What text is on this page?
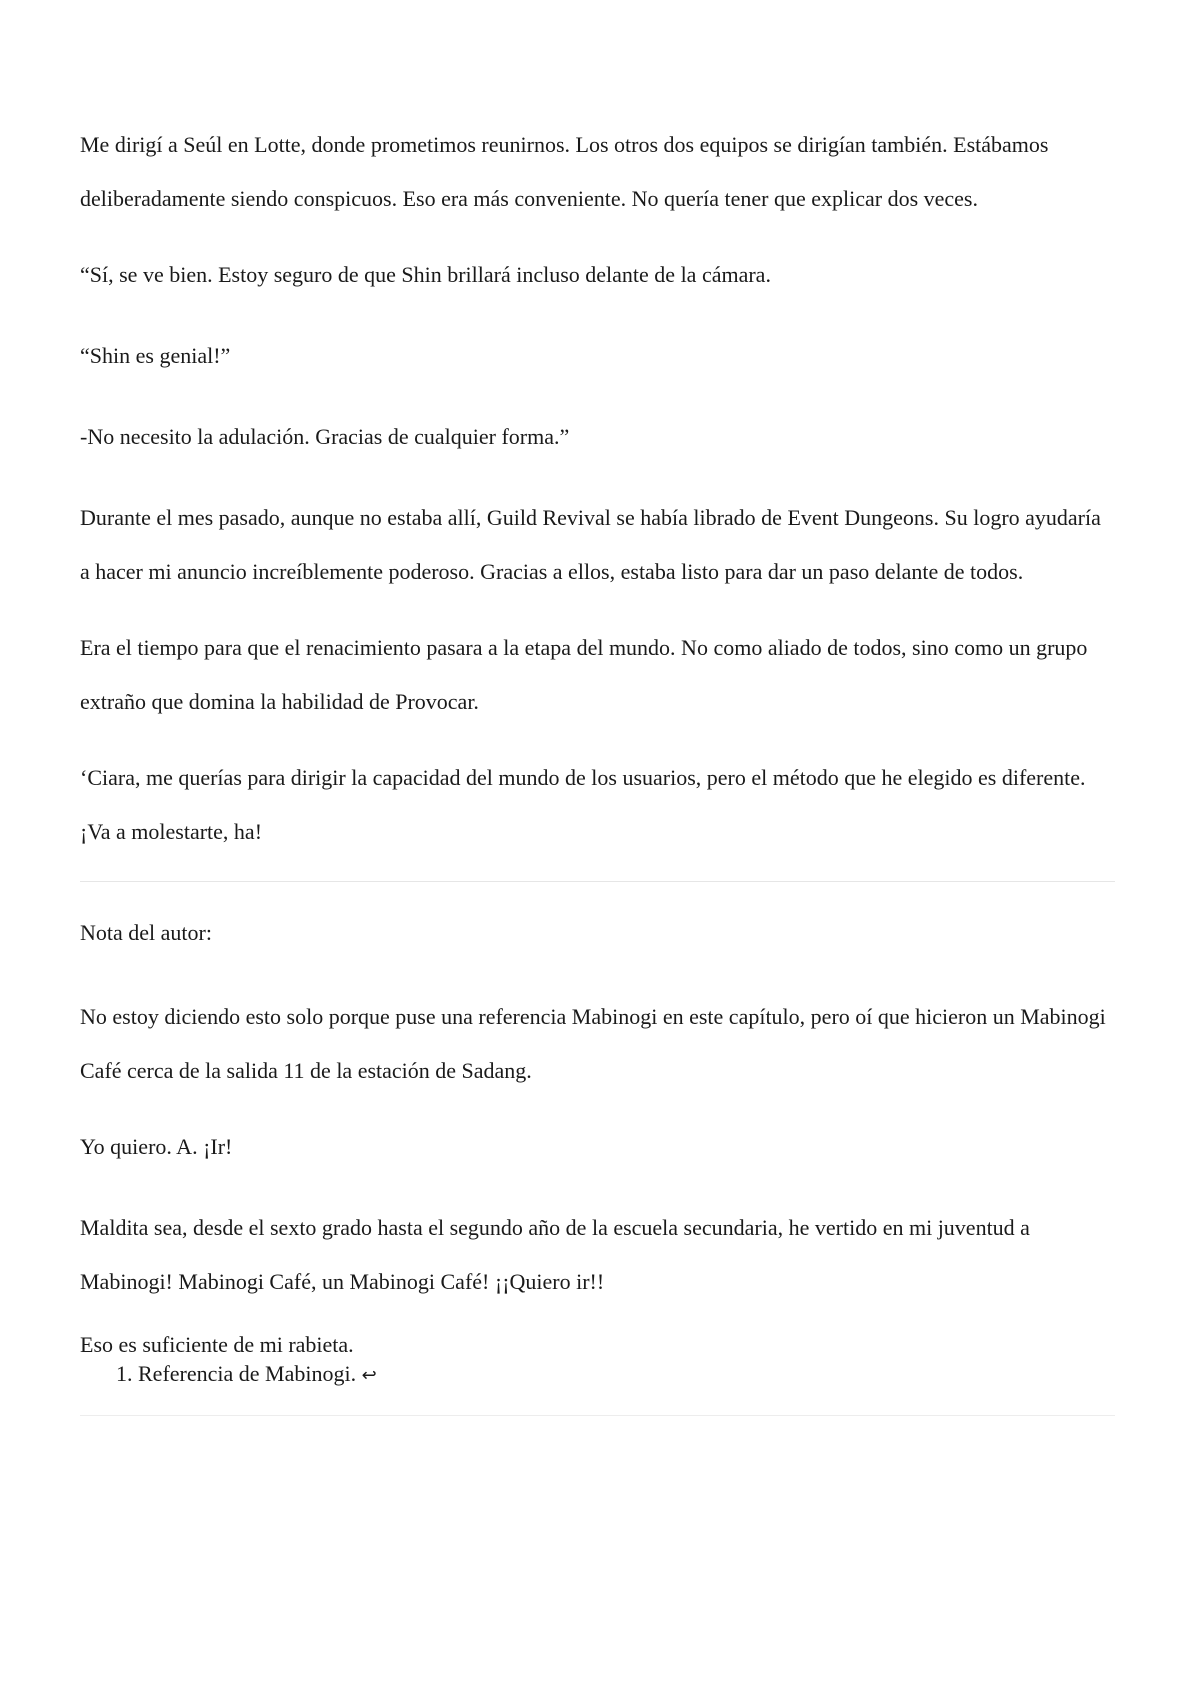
Me dirigí a Seúl en Lotte, donde prometimos reunirnos. Los otros dos equipos se dirigían también. Estábamos deliberadamente siendo conspicuos. Eso era más conveniente. No quería tener que explicar dos veces.

“Sí, se ve bien. Estoy seguro de que Shin brillará incluso delante de la cámara.

“Shin es genial!”

-No necesito la adulación. Gracias de cualquier forma.”

Durante el mes pasado, aunque no estaba allí, Guild Revival se había librado de Event Dungeons. Su logro ayudaría a hacer mi anuncio increíblemente poderoso. Gracias a ellos, estaba listo para dar un paso delante de todos.

Era el tiempo para que el renacimiento pasara a la etapa del mundo. No como aliado de todos, sino como un grupo extraño que domina la habilidad de Provocar.

‘Ciara, me querías para dirigir la capacidad del mundo de los usuarios, pero el método que he elegido es diferente. ¡Va a molestarte, ha!

Nota del autor:

No estoy diciendo esto solo porque puse una referencia Mabinogi en este capítulo, pero oí que hicieron un Mabinogi Café cerca de la salida 11 de la estación de Sadang.

Yo quiero. A. ¡Ir!

Maldita sea, desde el sexto grado hasta el segundo año de la escuela secundaria, he vertido en mi juventud a Mabinogi! Mabinogi Café, un Mabinogi Café! ¡¡Quiero ir!!

Eso es suficiente de mi rabieta.

1. Referencia de Mabinogi. ↩
